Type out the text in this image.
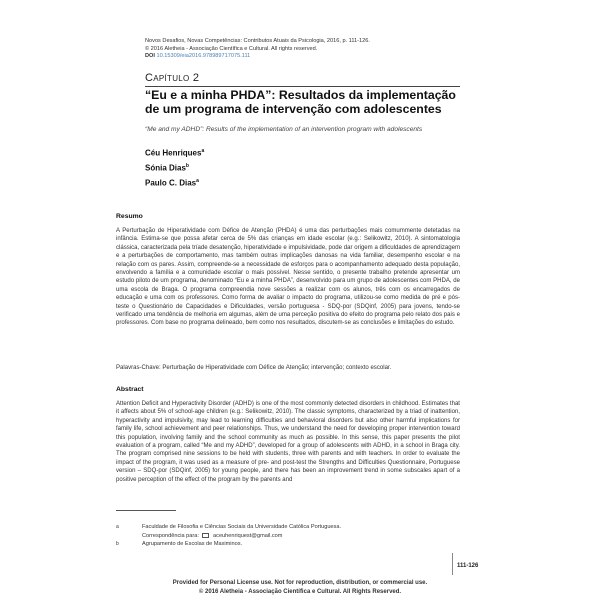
Novos Desafios, Novas Competências: Contributos Atuais da Psicologia, 2016, p. 111-126.
© 2016 Aletheia - Associação Científica e Cultural. All rights reserved.
DOI 10.15309/eia2016.978989717075.111
Capítulo 2
“Eu e a minha PHDA”: Resultados da implementação de um programa de intervenção com adolescentes
“Me and my ADHD”: Results of the implementation of an intervention program with adolescents
Céu Henriques$^a$
Sónia Dias$^b$
Paulo C. Dias$^a$
Resumo
A Perturbação de Hiperatividade com Défice de Atenção (PHDA) é uma das perturbações mais comummente detetadas na infância. Estima-se que possa afetar cerca de 5% das crianças em idade escolar (e.g.: Selikowitz, 2010). A sintomatologia clássica, caracterizada pela tríade desatenção, hiperatividade e impulsividade, pode dar origem a dificuldades de aprendizagem e a perturbações de comportamento, mas também outras implicações danosas na vida familiar, desempenho escolar e na relação com os pares. Assim, compreende-se a necessidade de esforços para o acompanhamento adequado desta população, envolvendo a família e a comunidade escolar o mais possível. Nesse sentido, o presente trabalho pretende apresentar um estudo piloto de um programa, denominado “Eu e a minha PHDA”, desenvolvido para um grupo de adolescentes com PHDA, de uma escola de Braga. O programa compreendia nove sessões a realizar com os alunos, três com os encarregados de educação e uma com os professores. Como forma de avaliar o impacto do programa, utilizou-se como medida de pré e pós-teste o Questionário de Capacidades e Dificuldades, versão portuguesa - SDQ-por (SDQinf, 2005) para jovens, tendo-se verificado uma tendência de melhoria em algumas, além de uma perceção positiva do efeito do programa pelo relato dos pais e professores. Com base no programa delineado, bem como nos resultados, discutem-se as conclusões e limitações do estudo.
Palavras-Chave: Perturbação de Hiperatividade com Défice de Atenção; intervenção; contexto escolar.
Abstract
Attention Deficit and Hyperactivity Disorder (ADHD) is one of the most commonly detected disorders in childhood. Estimates that it affects about 5% of school-age children (e.g.: Selikowitz, 2010). The classic symptoms, characterized by a triad of inattention, hyperactivity and impulsivity, may lead to learning difficulties and behavioral disorders but also other harmful implications for family life, school achievement and peer relationships. Thus, we understand the need for developing proper intervention toward this population, involving family and the school community as much as possible. In this sense, this paper presents the pilot evaluation of a program, called “Me and my ADHD”, developed for a group of adolescents with ADHD, in a school in Braga city. The program comprised nine sessions to be held with students, three with parents and with teachers. In order to evaluate the impact of the program, it was used as a measure of pre- and post-test the Strengths and Difficulties Questionnaire, Portuguese version – SDQ-por (SDQinf, 2005) for young people, and there has been an improvement trend in some subscales apart of a positive perception of the effect of the program by the parents and
a	Faculdade de Filosofia e Ciências Sociais da Universidade Católica Portuguesa.
Correspondência para:	aceuhenriquest@gmail.com
b	Agrupamento de Escolas de Maximinos.
111-126
Provided for Personal License use. Not for reproduction, distribution, or commercial use.
© 2016 Aletheia - Associação Científica e Cultural. All Rights Reserved.
